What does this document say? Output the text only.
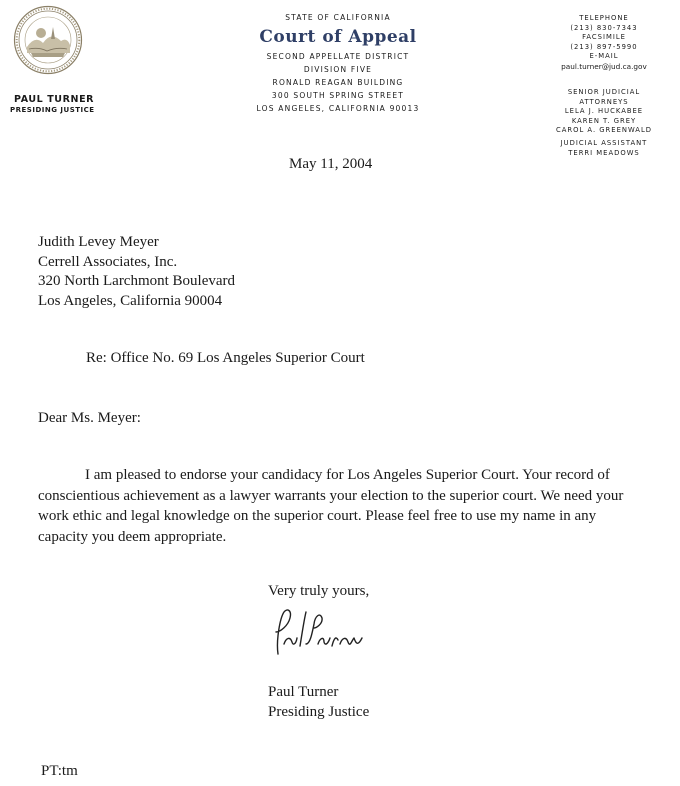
PAUL TURNER
PRESIDING JUSTICE
STATE OF CALIFORNIA
Court of Appeal
SECOND APPELLATE DISTRICT
DIVISION FIVE
RONALD REAGAN BUILDING
300 SOUTH SPRING STREET
LOS ANGELES, CALIFORNIA 90013
TELEPHONE
(213) 830-7343
FACSIMILE
(213) 897-5990
E-MAIL
paul.turner@jud.ca.gov
SENIOR JUDICIAL ATTORNEYS
LELA J. HUCKABEE
KAREN T. GREY
CAROL A. GREENWALD
JUDICIAL ASSISTANT
TERRI MEADOWS
May 11, 2004
Judith Levey Meyer
Cerrell Associates, Inc.
320 North Larchmont Boulevard
Los Angeles, California 90004
Re: Office No. 69 Los Angeles Superior Court
Dear Ms. Meyer:
I am pleased to endorse your candidacy for Los Angeles Superior Court. Your record of conscientious achievement as a lawyer warrants your election to the superior court. We need your work ethic and legal knowledge on the superior court. Please feel free to use my name in any capacity you deem appropriate.
Very truly yours,
Paul Turner
Presiding Justice
PT:tm
